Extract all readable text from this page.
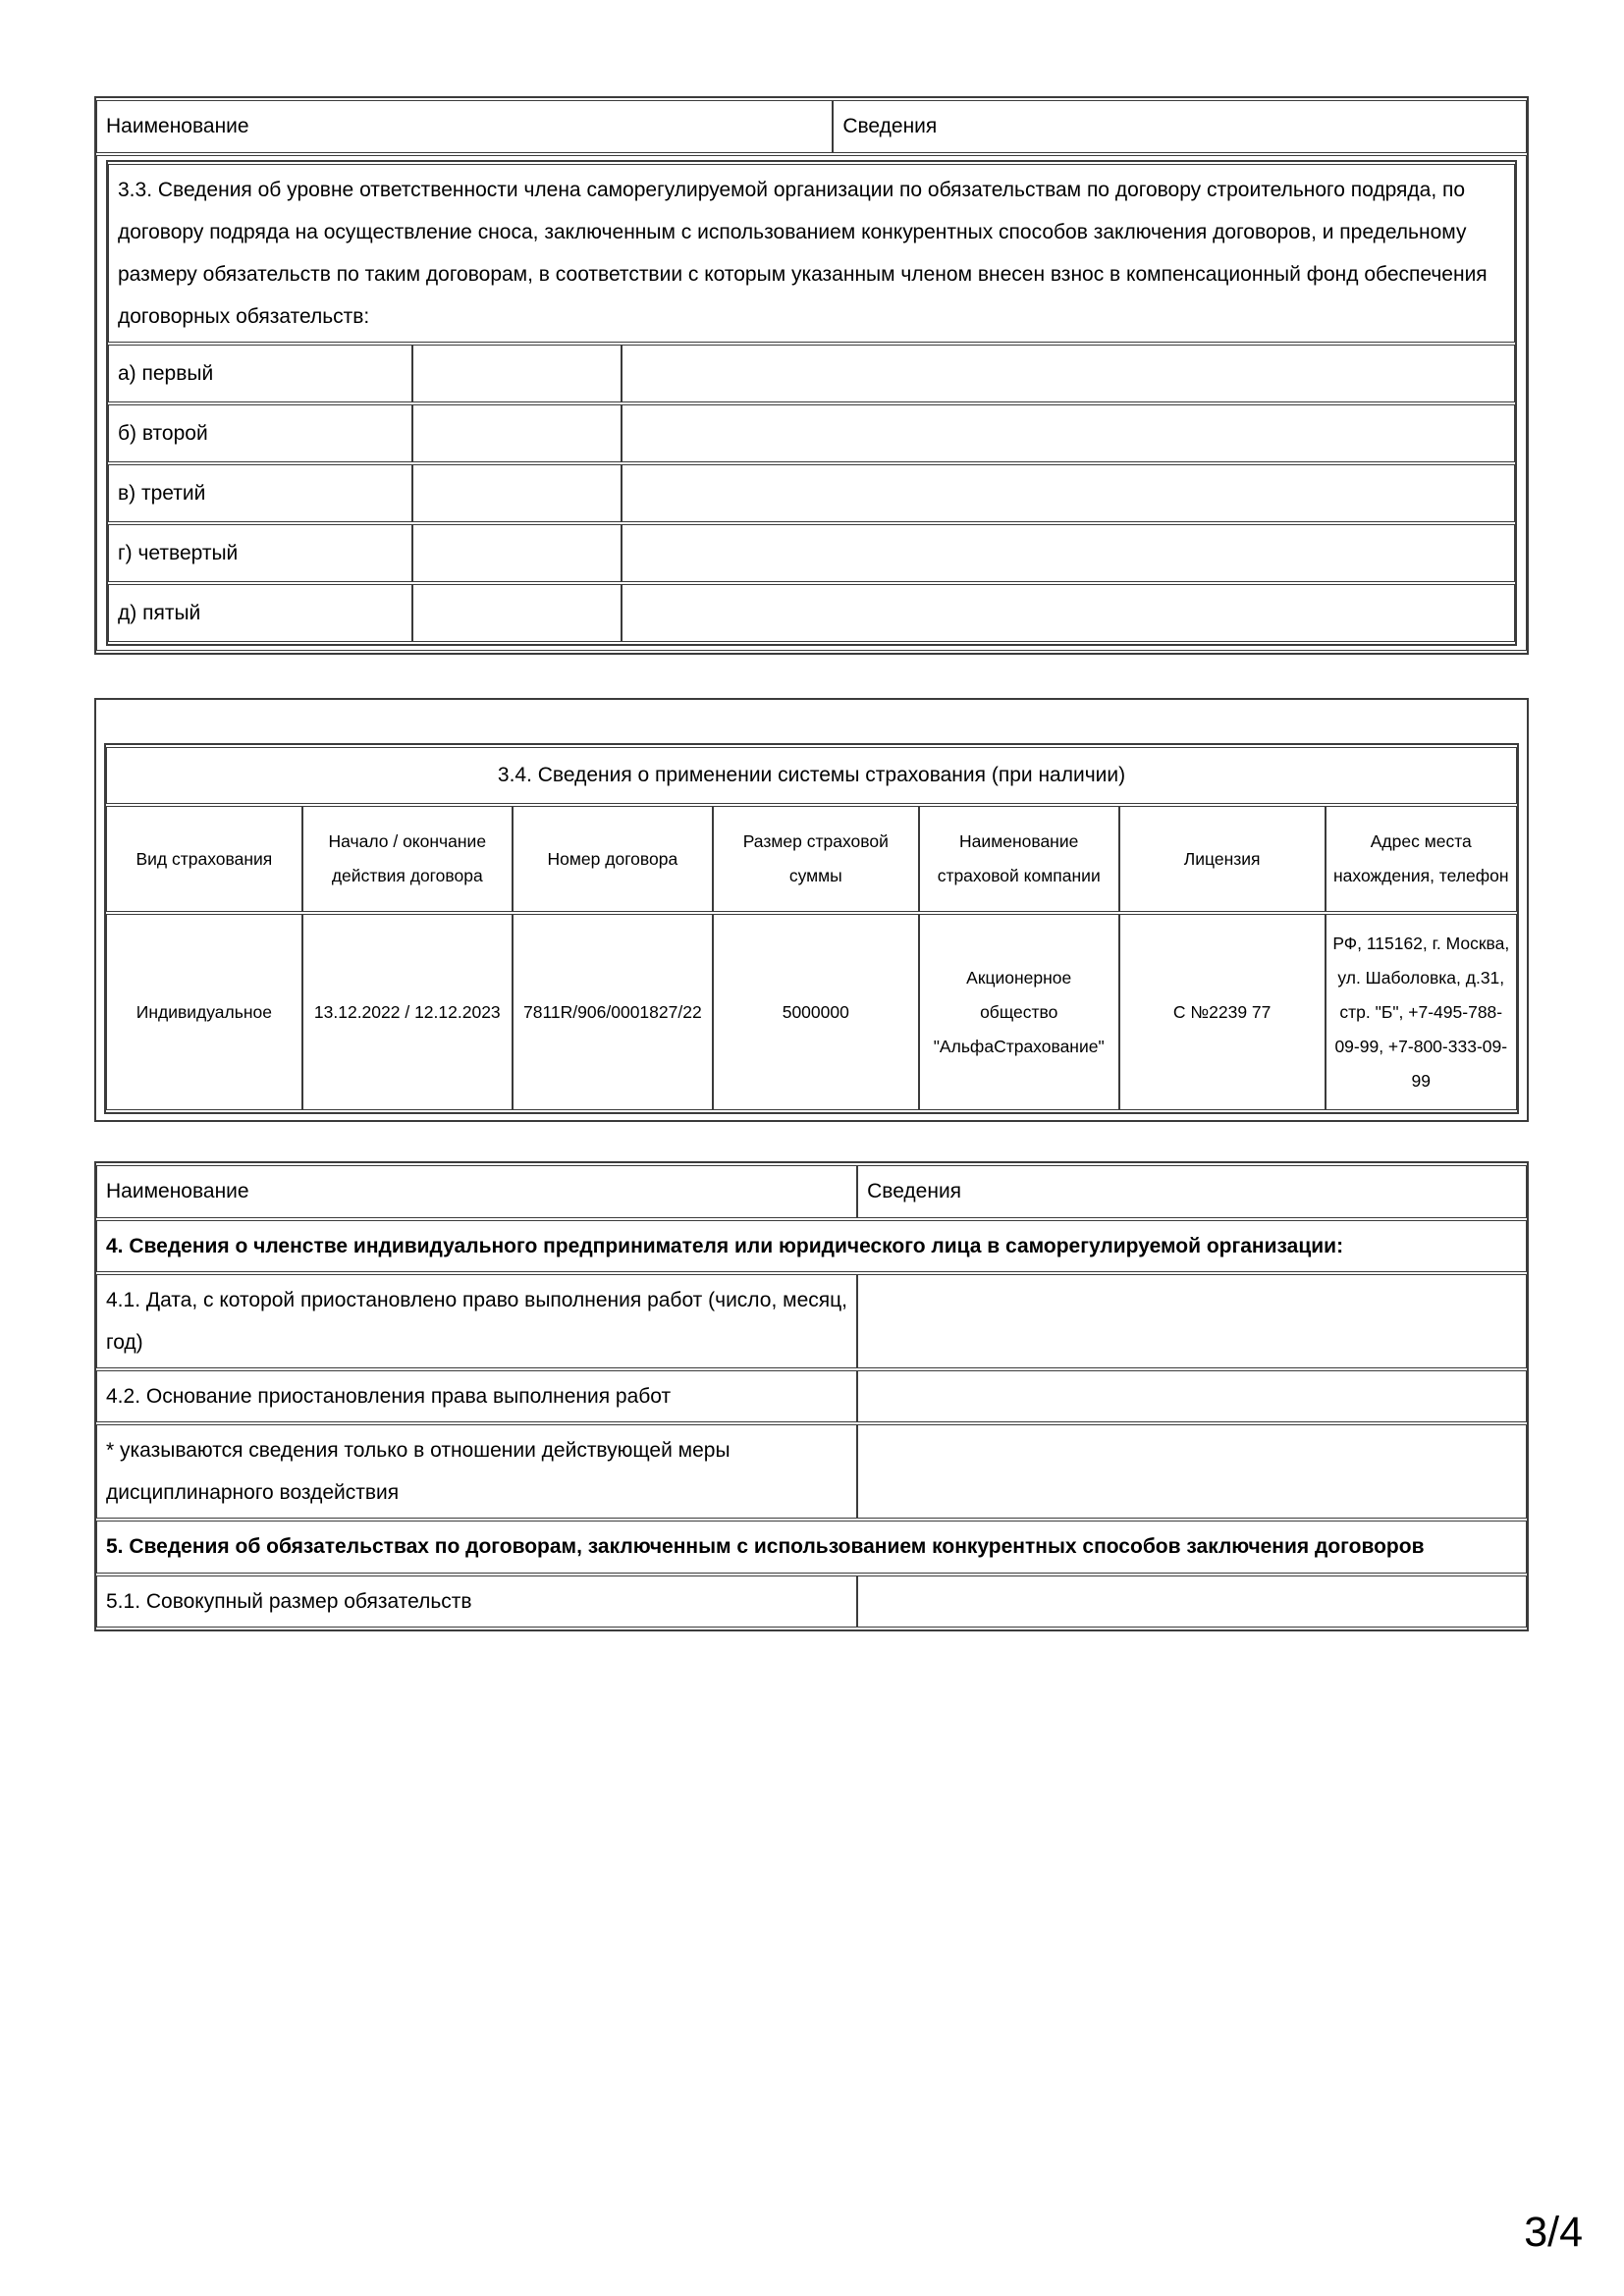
Наименование	Сведения

3.3. Сведения об уровне ответственности члена саморегулируемой организации по обязательствам по договору строительного подряда, по договору подряда на осуществление сноса, заключенным с использованием конкурентных способов заключения договоров, и предельному размеру обязательств по таким договорам, в соответствии с которым указанным членом внесен взнос в компенсационный фонд обеспечения договорных обязательств:
а) первый		
б) второй		
в) третий		
г) четвертый		
д) пятый		
3.4. Сведения о применении системы страхования (при наличии)						
Вид страхования	Начало / окончание действия договора	Номер договора	Размер страховой суммы	Наименование страховой компании	Лицензия	Адрес места нахождения, телефон
Индивидуальное	13.12.2022 / 12.12.2023	7811R/906/0001827/22	5000000	Акционерное общество "АльфаСтрахование"	С №2239 77	РФ, 115162, г. Москва, ул. Шаболовка, д.31, стр. "Б", +7-495-788-09-99, +7-800-333-09-99
Наименование	Сведения
4. Сведения о членстве индивидуального предпринимателя или юридического лица в саморегулируемой организации:	
4.1. Дата, с которой приостановлено право выполнения работ (число, месяц, год)	
4.2. Основание приостановления права выполнения работ	
* указываются сведения только в отношении действующей меры дисциплинарного воздействия	
5. Сведения об обязательствах по договорам, заключенным с использованием конкурентных способов заключения договоров	
5.1. Совокупный размер обязательств	
3/4
